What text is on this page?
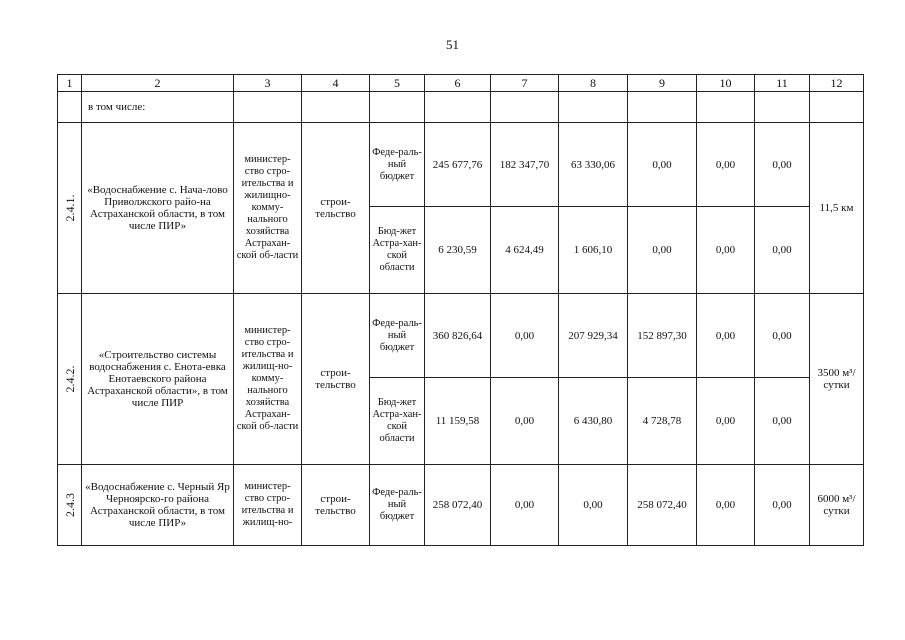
51
1	2	3	4	5	6	7	8	9	10	11	12
	в том числе:										

2.4.1.	«Водоснабжение с. Нача-лово Приволжского райо-на Астраханской области, в том числе ПИР»	министер-ство стро-ительства и жилищно-комму-нального хозяйства Астрахан-ской об-ласти	строи-тельство	Феде-раль-ный бюджет	245 677,76	182 347,70	63 330,06	0,00	0,00	0,00	11,5 км
				Бюд-жет Астра-хан-ской области	6 230,59	4 624,49	1 606,10	0,00	0,00	0,00	

2.4.2.	«Строительство системы водоснабжения с. Енота-евка Енотаевского района Астраханской области», в том числе ПИР	министер-ство стро-ительства и жилищ-но-комму-нального хозяйства Астрахан-ской об-ласти	строи-тельство	Феде-раль-ный бюджет	360 826,64	0,00	207 929,34	152 897,30	0,00	0,00	3500 м³/ сутки
				Бюд-жет Астра-хан-ской области	11 159,58	0,00	6 430,80	4 728,78	0,00	0,00	

2.4.3	«Водоснабжение с. Черный Яр Черноярско-го района Астраханской области, в том числе ПИР»	министер-ство стро-ительства и жилищ-но-	строи-тельство	Феде-раль-ный бюджет	258 072,40	0,00	0,00	258 072,40	0,00	0,00	6000 м³/ сутки
